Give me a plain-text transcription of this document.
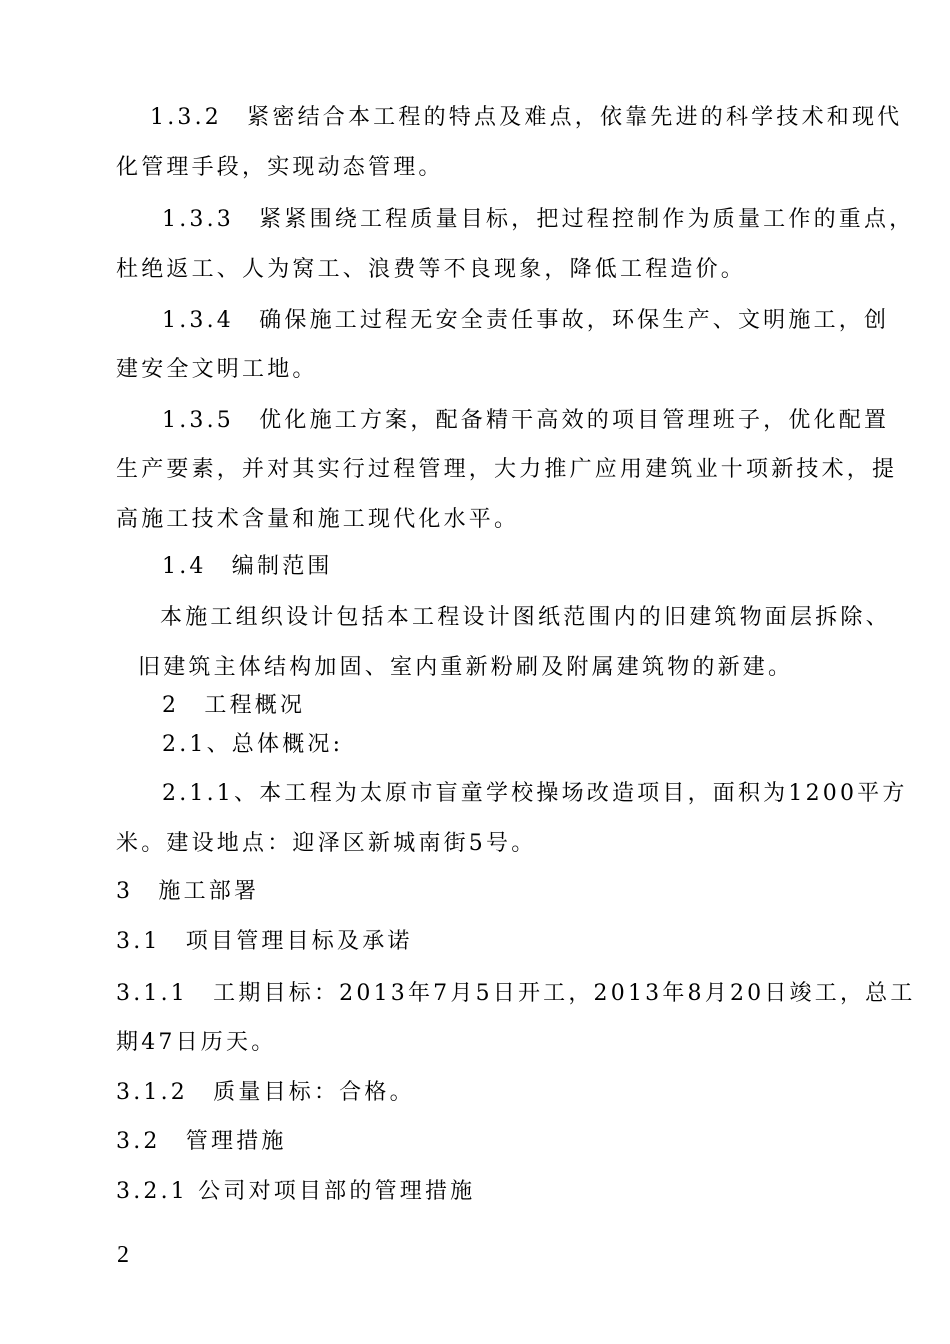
1.3.2　紧密结合本工程的特点及难点，依靠先进的科学技术和现代
化管理手段，实现动态管理。
1.3.3　紧紧围绕工程质量目标，把过程控制作为质量工作的重点，
杜绝返工、人为窝工、浪费等不良现象，降低工程造价。
1.3.4　确保施工过程无安全责任事故，环保生产、文明施工，创
建安全文明工地。
1.3.5　优化施工方案，配备精干高效的项目管理班子，优化配置
生产要素，并对其实行过程管理，大力推广应用建筑业十项新技术，提
高施工技术含量和施工现代化水平。
1.4　编制范围
本施工组织设计包括本工程设计图纸范围内的旧建筑物面层拆除、
旧建筑主体结构加固、室内重新粉刷及附属建筑物的新建。
2　工程概况
2.1、总体概况:
2.1.1、本工程为太原市盲童学校操场改造项目，面积为1200平方
米。建设地点：迎泽区新城南街5号。
3　施工部署
3.1　项目管理目标及承诺
3.1.1　工期目标：2013年7月5日开工，2013年8月20日竣工，总工
期47日历天。
3.1.2　质量目标：合格。
3.2　管理措施
3.2.1 公司对项目部的管理措施
2
